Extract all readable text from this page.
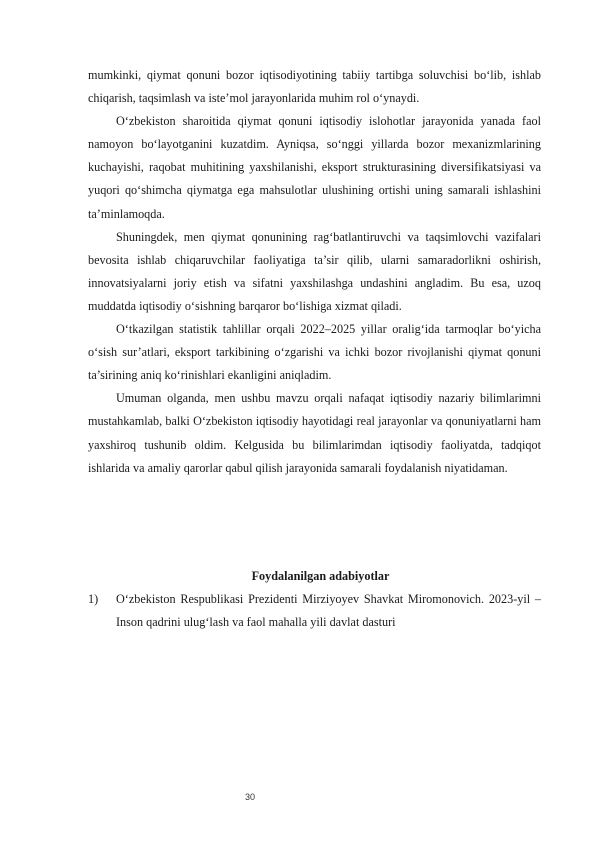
mumkinki, qiymat qonuni bozor iqtisodiyotining tabiiy tartibga soluvchisi bo‘lib, ishlab chiqarish, taqsimlash va iste’mol jarayonlarida muhim rol o‘ynaydi.

O‘zbekiston sharoitida qiymat qonuni iqtisodiy islohotlar jarayonida yanada faol namoyon bo‘layotganini kuzatdim. Ayniqsa, so‘nggi yillarda bozor mexanizmlarining kuchayishi, raqobat muhitining yaxshilanishi, eksport strukturasining diversifikatsiyasi va yuqori qo‘shimcha qiymatga ega mahsulotlar ulushining ortishi uning samarali ishlashini ta’minlamoqda.

Shuningdek, men qiymat qonunining rag‘batlantiruvchi va taqsimlovchi vazifalari bevosita ishlab chiqaruvchilar faoliyatiga ta’sir qilib, ularni samaradorlikni oshirish, innovatsiyalarni joriy etish va sifatni yaxshilashga undashini angladim. Bu esa, uzoq muddatda iqtisodiy o‘sishning barqaror bo‘lishiga xizmat qiladi.

O‘tkazilgan statistik tahlillar orqali 2022–2025 yillar oralig‘ida tarmoqlar bo‘yicha o‘sish sur’atlari, eksport tarkibining o‘zgarishi va ichki bozor rivojlanishi qiymat qonuni ta’sirining aniq ko‘rinishlari ekanligini aniqladim.

Umuman olganda, men ushbu mavzu orqali nafaqat iqtisodiy nazariy bilimlarimni mustahkamlab, balki O‘zbekiston iqtisodiy hayotidagi real jarayonlar va qonuniyatlarni ham yaxshiroq tushunib oldim. Kelgusida bu bilimlarimdan iqtisodiy faoliyatda, tadqiqot ishlarida va amaliy qarorlar qabul qilish jarayonida samarali foydalanish niyatidaman.

Foydalanilgan adabiyotlar
1) O‘zbekiston Respublikasi Prezidenti Mirziyoyev Shavkat Miromonovich. 2023-yil – Inson qadrini ulug‘lash va faol mahalla yili davlat dasturi
30
